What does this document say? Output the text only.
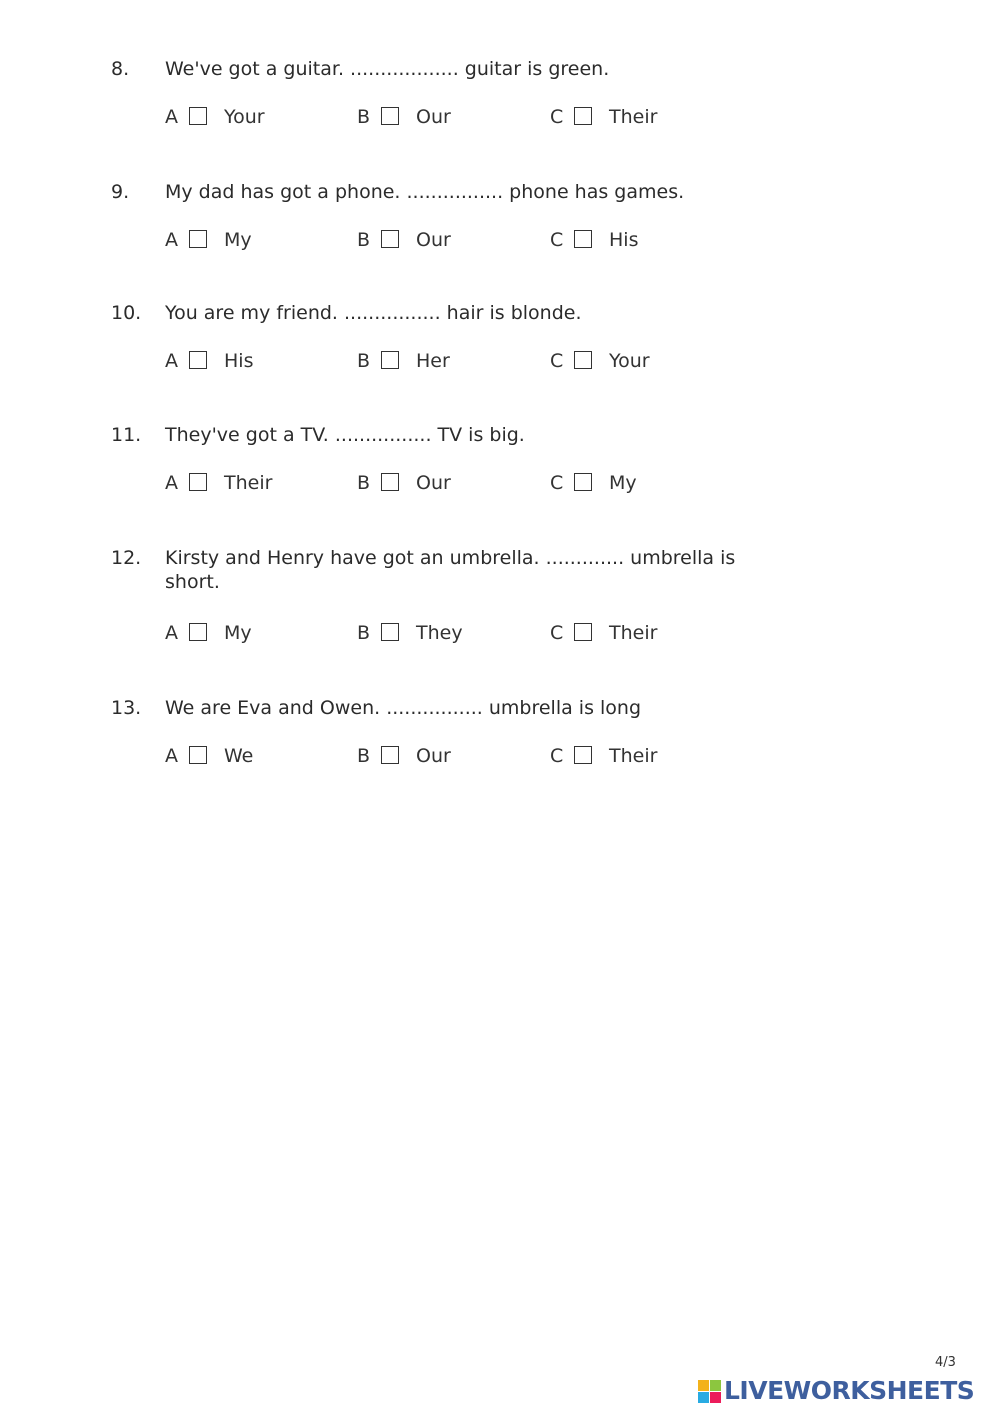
8. We've got a guitar. .................. guitar is green.
A Your	B Our	C Their
9. My dad has got a phone. ................ phone has games.
A My	B Our	C His
10. You are my friend. ................ hair is blonde.
A His	B Her	C Your
11. They've got a TV. ................ TV is big.
A Their	B Our	C My
12. Kirsty and Henry have got an umbrella. ............. umbrella is short.
A My	B They	C Their
13. We are Eva and Owen. ................ umbrella is long
A We	B Our	C Their
4/3
LIVEWORKSHEETS
